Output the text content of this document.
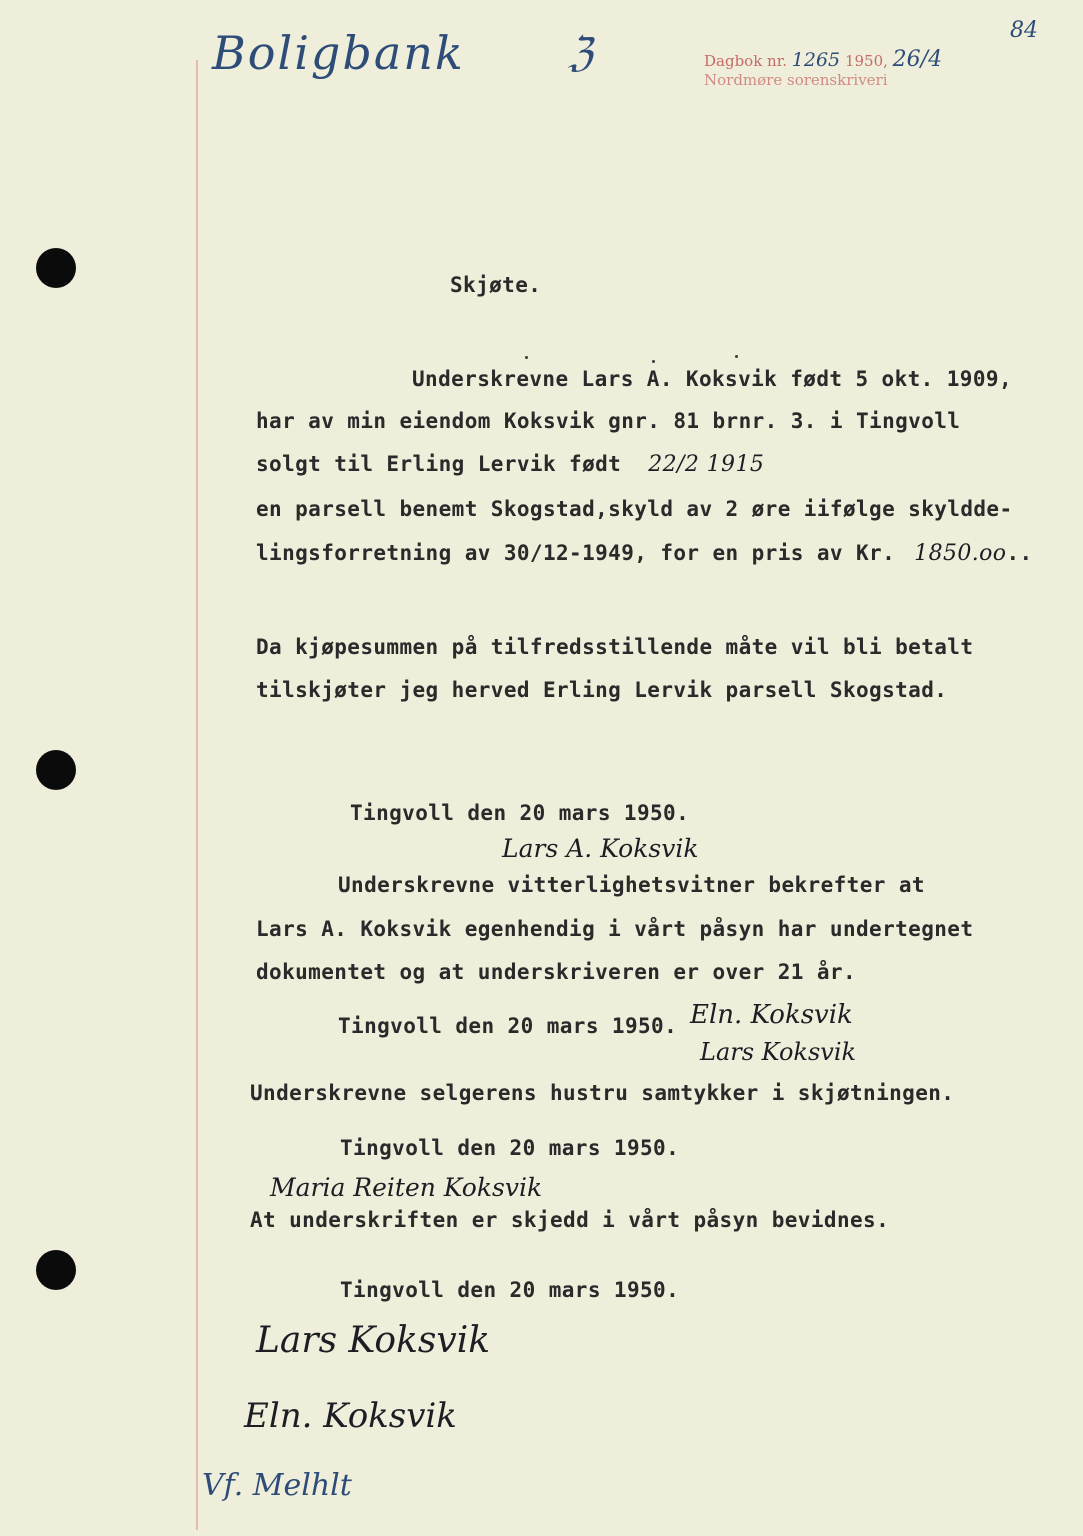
Boligbank	ℨ	Dagbok nr. 1265 1950, 26/4
Nordmøre sorenskriveri
84
Skjøte.
Underskrevne Lars A. Koksvik født 5 okt. 1909,
har av min eiendom Koksvik gnr. 81 brnr. 3. i Tingvoll
solgt til Erling Lervik født 22/2 1915
en parsell benemt Skogstad,skyld av 2 øre iifølge skyldde-
lingsforretning av 30/12-1949, for en pris av Kr. 1850.oo..
Da kjøpesummen på tilfredsstillende måte vil bli betalt
tilskjøter jeg herved Erling Lervik parsell Skogstad.
Tingvoll den 20 mars 1950.
Lars A. Koksvik
Underskrevne vitterlighetsvitner bekrefter at
Lars A. Koksvik egenhendig i vårt påsyn har undertegnet
dokumentet og at underskriveren er over 21 år.
Tingvoll den 20 mars 1950. Eln. Koksvik
Lars Koksvik
Underskrevne selgerens hustru samtykker i skjøtningen.
Tingvoll den 20 mars 1950.
Maria Reiten Koksvik
At underskriften er skjedd i vårt påsyn bevidnes.
Tingvoll den 20 mars 1950.
Lars Koksvik
Eln. Koksvik
Vf. Melhlt
